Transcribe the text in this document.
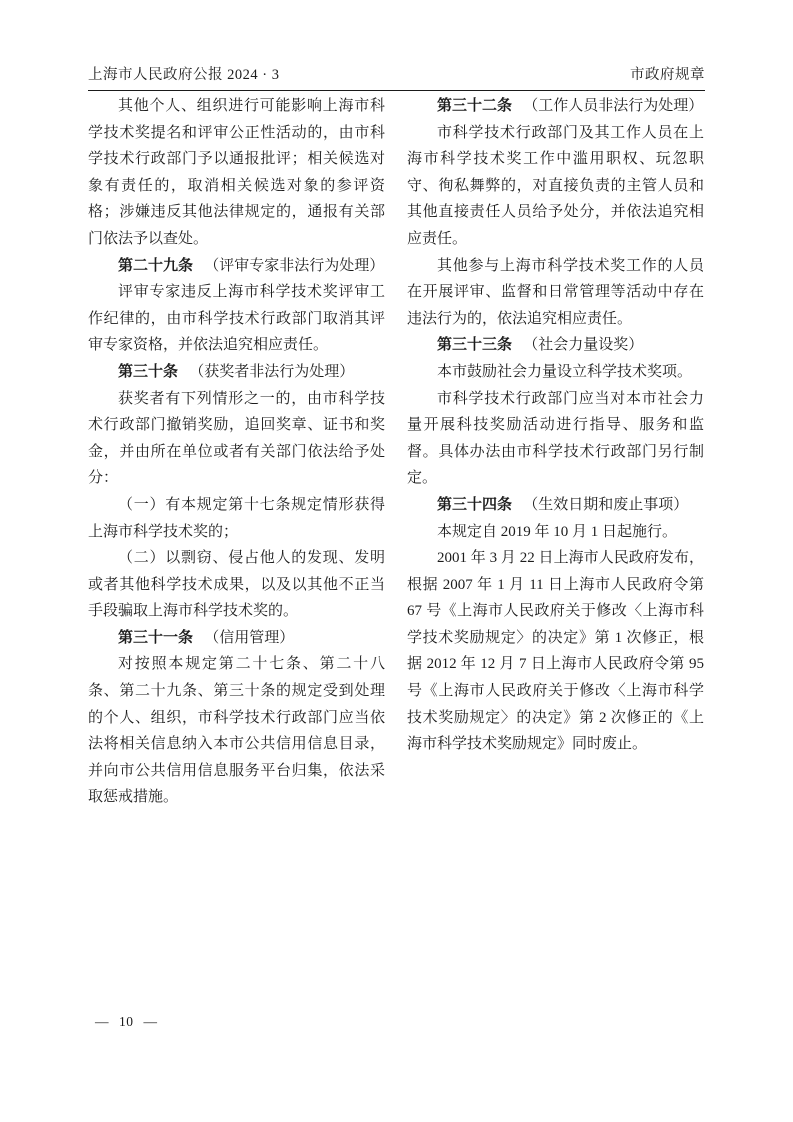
上海市人民政府公报 2024 · 3	市政府规章

其他个人、组织进行可能影响上海市科学技术奖提名和评审公正性活动的，由市科学技术行政部门予以通报批评；相关候选对象有责任的，取消相关候选对象的参评资格；涉嫌违反其他法律规定的，通报有关部门依法予以查处。

第二十九条 （评审专家非法行为处理）

评审专家违反上海市科学技术奖评审工作纪律的，由市科学技术行政部门取消其评审专家资格，并依法追究相应责任。

第三十条 （获奖者非法行为处理）

获奖者有下列情形之一的，由市科学技术行政部门撤销奖励，追回奖章、证书和奖金，并由所在单位或者有关部门依法给予处分：

（一）有本规定第十七条规定情形获得上海市科学技术奖的；

（二）以剽窃、侵占他人的发现、发明或者其他科学技术成果，以及以其他不正当手段骗取上海市科学技术奖的。

第三十一条 （信用管理）

对按照本规定第二十七条、第二十八条、第二十九条、第三十条的规定受到处理的个人、组织，市科学技术行政部门应当依法将相关信息纳入本市公共信用信息目录，并向市公共信用信息服务平台归集，依法采取惩戒措施。

第三十二条 （工作人员非法行为处理）

市科学技术行政部门及其工作人员在上海市科学技术奖工作中滥用职权、玩忽职守、徇私舞弊的，对直接负责的主管人员和其他直接责任人员给予处分，并依法追究相应责任。

其他参与上海市科学技术奖工作的人员在开展评审、监督和日常管理等活动中存在违法行为的，依法追究相应责任。

第三十三条 （社会力量设奖）

本市鼓励社会力量设立科学技术奖项。

市科学技术行政部门应当对本市社会力量开展科技奖励活动进行指导、服务和监督。具体办法由市科学技术行政部门另行制定。

第三十四条 （生效日期和废止事项）

本规定自 2019 年 10 月 1 日起施行。

2001 年 3 月 22 日上海市人民政府发布，根据 2007 年 1 月 11 日上海市人民政府令第 67 号《上海市人民政府关于修改〈上海市科学技术奖励规定〉的决定》第 1 次修正，根据 2012 年 12 月 7 日上海市人民政府令第 95 号《上海市人民政府关于修改〈上海市科学技术奖励规定〉的决定》第 2 次修正的《上海市科学技术奖励规定》同时废止。

— 10 —
